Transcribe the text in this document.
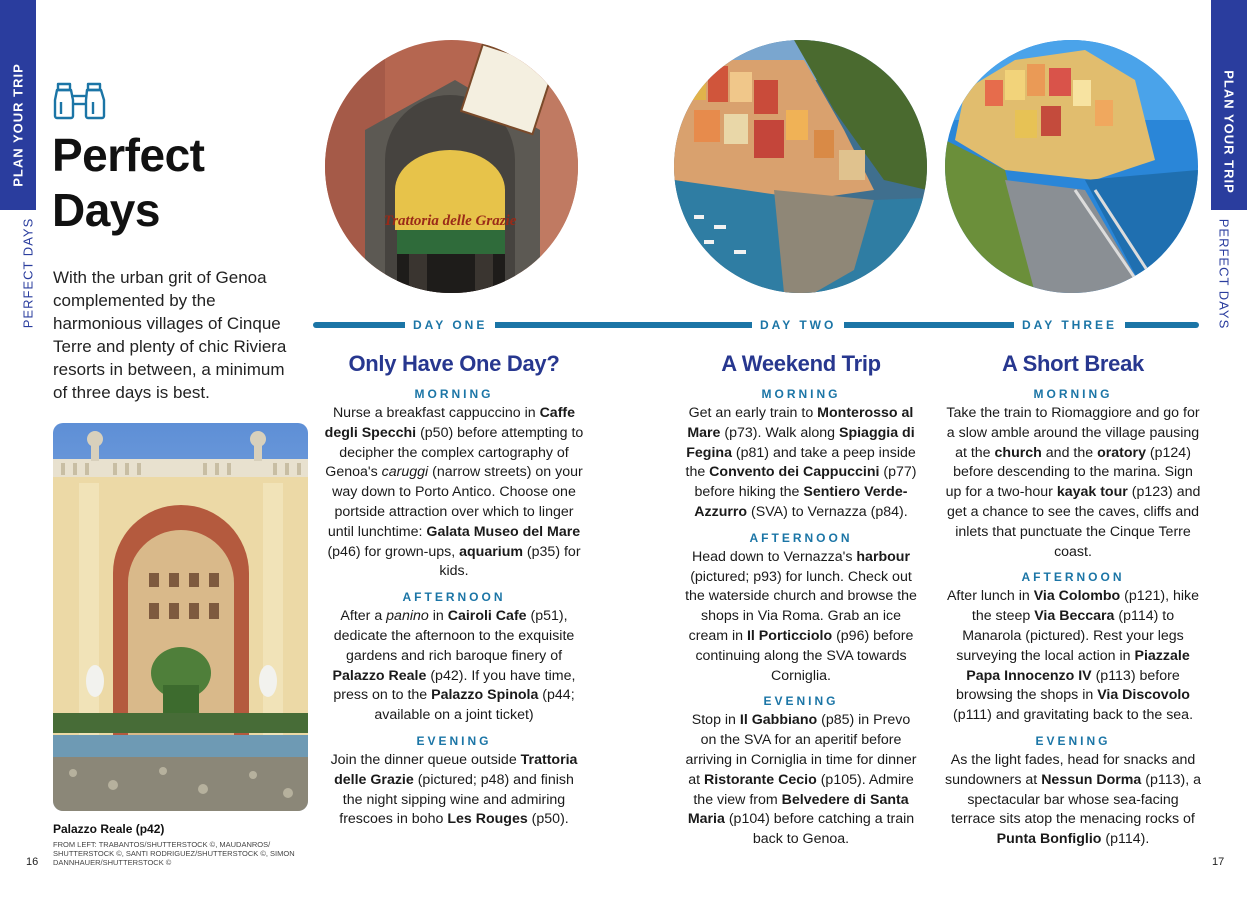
PLAN YOUR TRIP
PERFECT DAYS
PLAN YOUR TRIP
PERFECT DAYS
Perfect
Days
With the urban grit of Genoa complemented by the harmonious villages of Cinque Terre and plenty of chic Riviera resorts in between, a minimum of three days is best.
Palazzo Reale (p42)
FROM LEFT: TRABANTOS/SHUTTERSTOCK ©, MAUDANROS/ SHUTTERSTOCK ©, SANTI RODRIGUEZ/SHUTTERSTOCK ©, SIMON DANNHAUER/SHUTTERSTOCK ©
16	17
Trattoria delle Grazie
DAY ONE	DAY TWO	DAY THREE
Only Have One Day?
MORNING

Nurse a breakfast cappuccino in Caffe degli Specchi (p50) before attempting to decipher the complex cartography of Genoa's caruggi (narrow streets) on your way down to Porto Antico. Choose one portside attraction over which to linger until lunchtime: Galata Museo del Mare (p46) for grown-ups, aquarium (p35) for kids.

AFTERNOON

After a panino in Cairoli Cafe (p51), dedicate the afternoon to the exquisite gardens and rich baroque finery of Palazzo Reale (p42). If you have time, press on to the Palazzo Spinola (p44; available on a joint ticket)

EVENING

Join the dinner queue outside Trattoria delle Grazie (pictured; p48) and finish the night sipping wine and admiring frescoes in boho Les Rouges (p50).

A Weekend Trip
MORNING

Get an early train to Monterosso al Mare (p73). Walk along Spiaggia di Fegina (p81) and take a peep inside the Convento dei Cappuccini (p77) before hiking the Sentiero Verde-Azzurro (SVA) to Vernazza (p84).

AFTERNOON

Head down to Vernazza's harbour (pictured; p93) for lunch. Check out the waterside church and browse the shops in Via Roma. Grab an ice cream in Il Porticciolo (p96) before continuing along the SVA towards Corniglia.

EVENING

Stop in Il Gabbiano (p85) in Prevo on the SVA for an aperitif before arriving in Corniglia in time for dinner at Ristorante Cecio (p105). Admire the view from Belvedere di Santa Maria (p104) before catching a train back to Genoa.

A Short Break
MORNING

Take the train to Riomaggiore and go for a slow amble around the village pausing at the church and the oratory (p124) before descending to the marina. Sign up for a two-hour kayak tour (p123) and get a chance to see the caves, cliffs and inlets that punctuate the Cinque Terre coast.

AFTERNOON

After lunch in Via Colombo (p121), hike the steep Via Beccara (p114) to Manarola (pictured). Rest your legs surveying the local action in Piazzale Papa Innocenzo IV (p113) before browsing the shops in Via Discovolo (p111) and gravitating back to the sea.

EVENING

As the light fades, head for snacks and sundowners at Nessun Dorma (p113), a spectacular bar whose sea-facing terrace sits atop the menacing rocks of Punta Bonfiglio (p114).
